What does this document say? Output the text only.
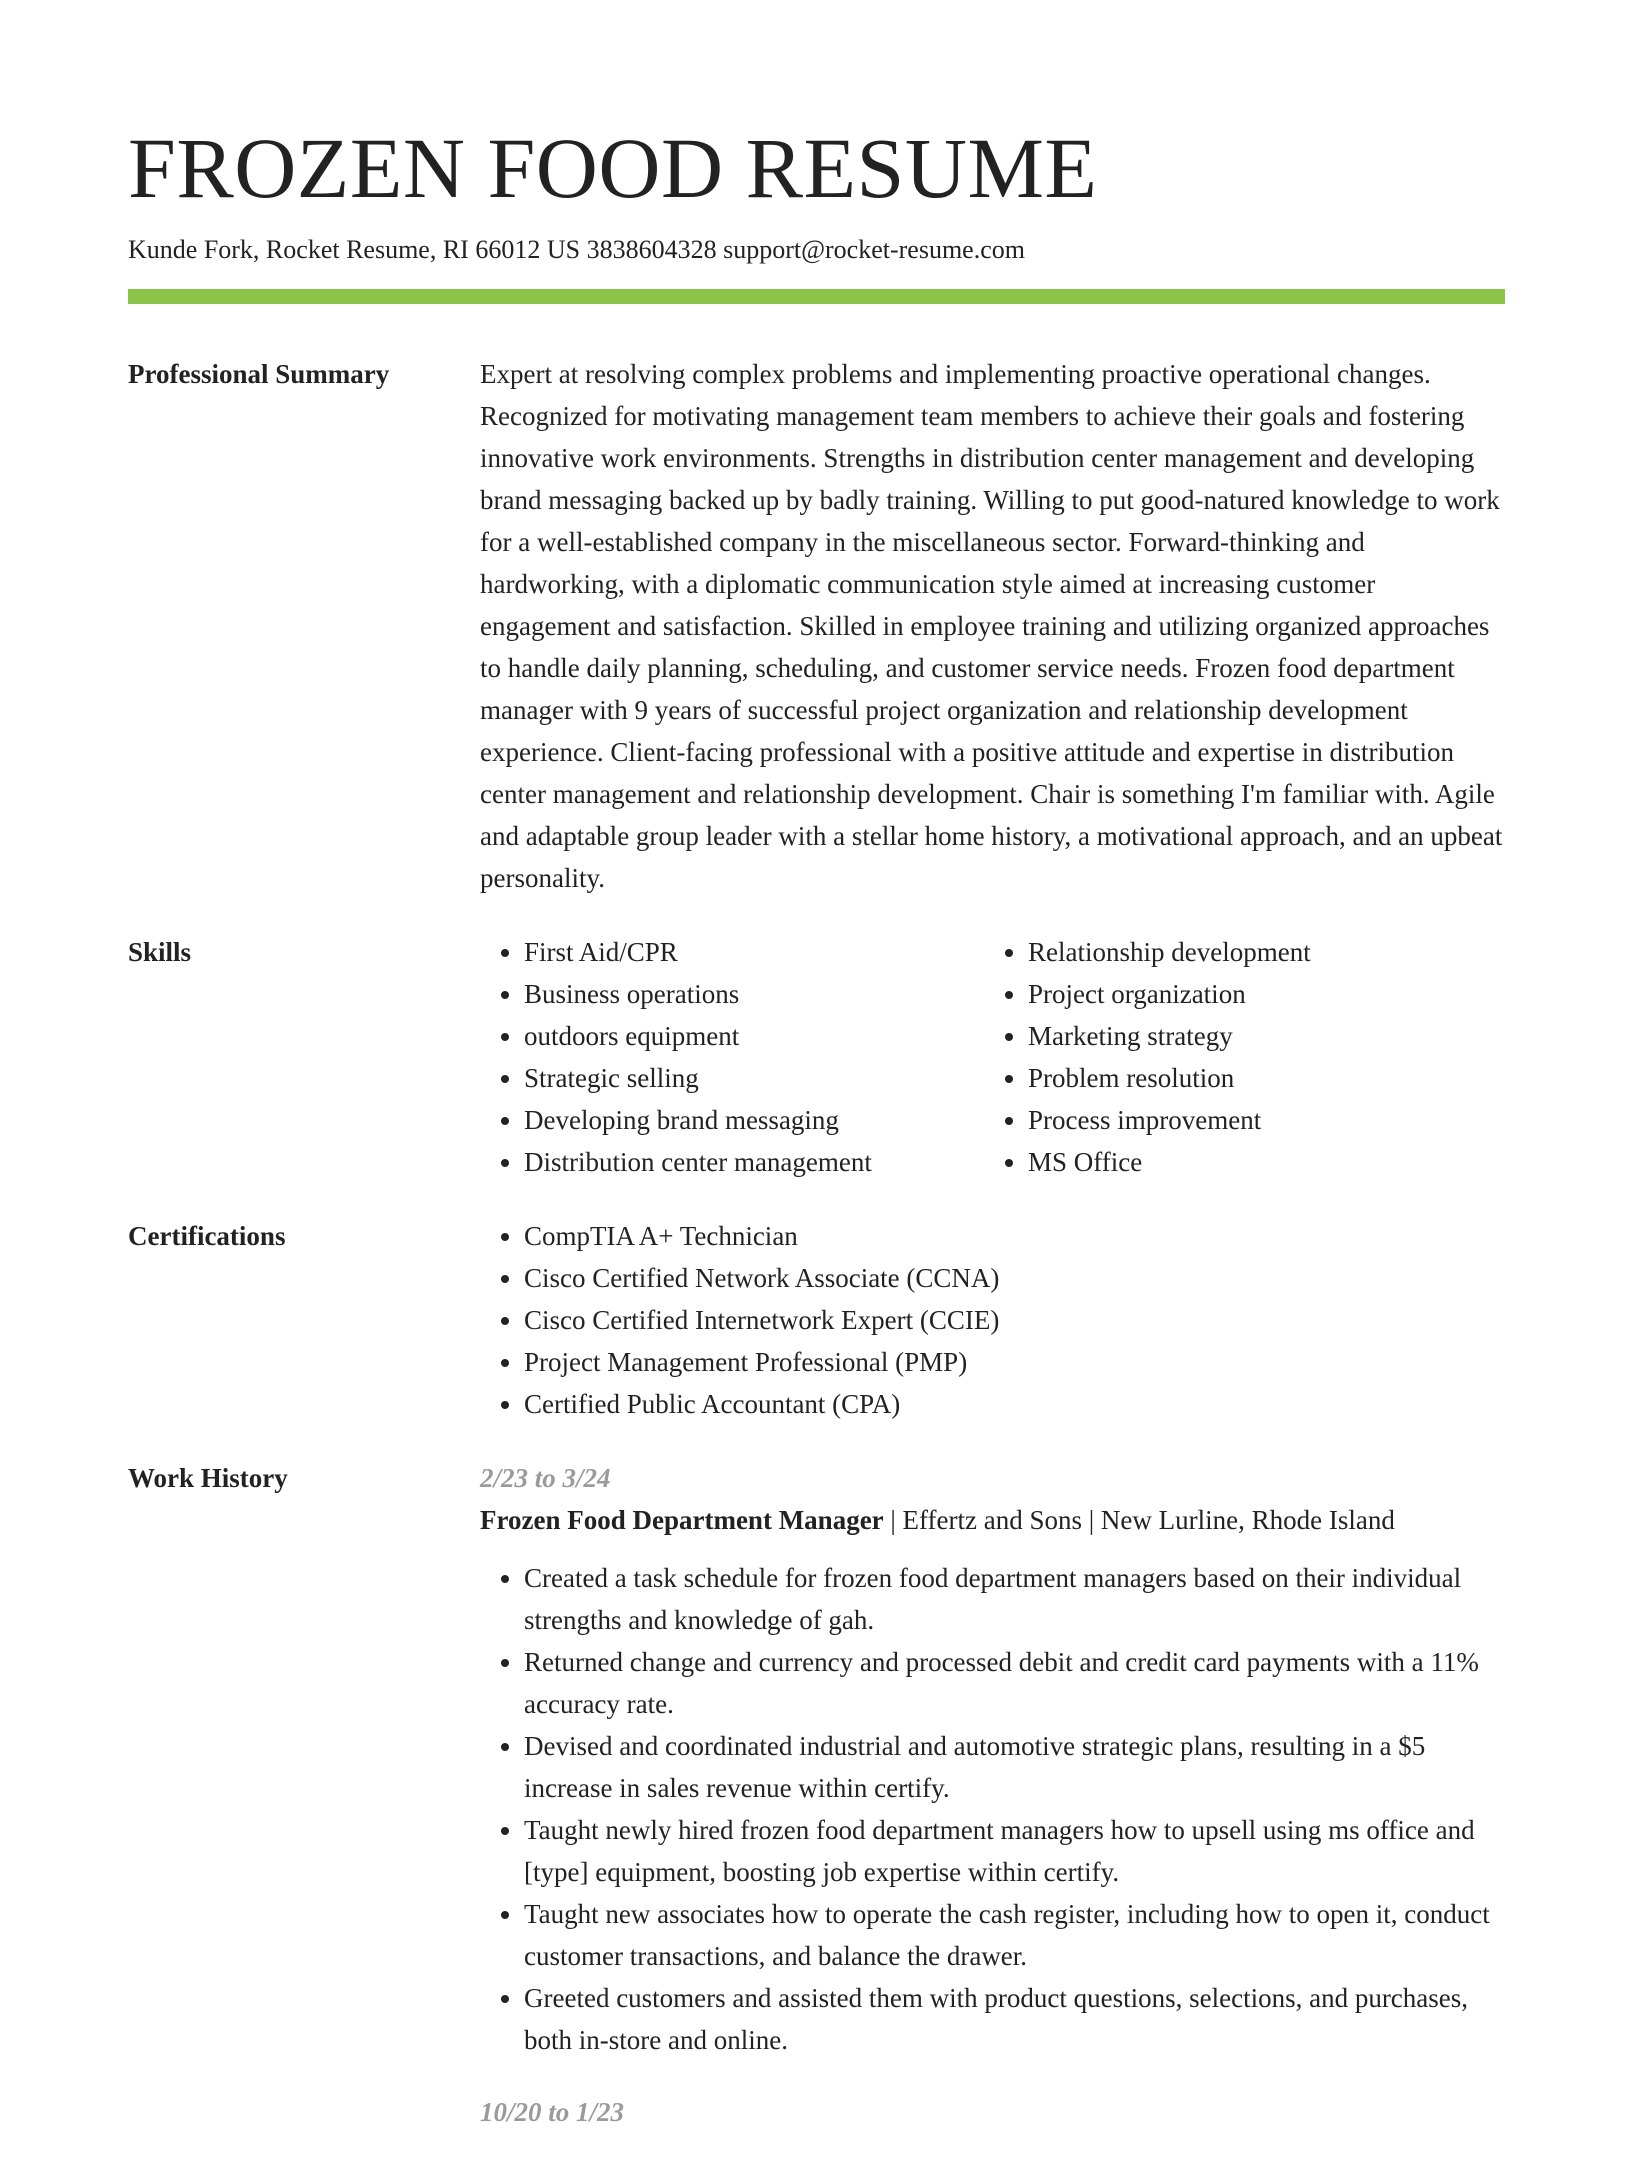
FROZEN FOOD RESUME
Kunde Fork, Rocket Resume, RI 66012 US 3838604328 support@rocket-resume.com
Professional Summary	Expert at resolving complex problems and implementing proactive operational changes. Recognized for motivating management team members to achieve their goals and fostering innovative work environments. Strengths in distribution center management and developing brand messaging backed up by badly training. Willing to put good-natured knowledge to work for a well-established company in the miscellaneous sector. Forward-thinking and hardworking, with a diplomatic communication style aimed at increasing customer engagement and satisfaction. Skilled in employee training and utilizing organized approaches to handle daily planning, scheduling, and customer service needs. Frozen food department manager with 9 years of successful project organization and relationship development experience. Client-facing professional with a positive attitude and expertise in distribution center management and relationship development. Chair is something I'm familiar with. Agile and adaptable group leader with a stellar home history, a motivational approach, and an upbeat personality.

Skills	• First Aid/CPR
• Business operations
• outdoors equipment
• Strategic selling
• Developing brand messaging
• Distribution center management
• Relationship development
• Project organization
• Marketing strategy
• Problem resolution
• Process improvement
• MS Office
Certifications	• CompTIA A+ Technician
• Cisco Certified Network Associate (CCNA)
• Cisco Certified Internetwork Expert (CCIE)
• Project Management Professional (PMP)
• Certified Public Accountant (CPA)
Work History	2/23 to 3/24
Frozen Food Department Manager | Effertz and Sons | New Lurline, Rhode Island
• Created a task schedule for frozen food department managers based on their individual strengths and knowledge of gah.
• Returned change and currency and processed debit and credit card payments with a 11% accuracy rate.
• Devised and coordinated industrial and automotive strategic plans, resulting in a $5 increase in sales revenue within certify.
• Taught newly hired frozen food department managers how to upsell using ms office and [type] equipment, boosting job expertise within certify.
• Taught new associates how to operate the cash register, including how to open it, conduct customer transactions, and balance the drawer.
• Greeted customers and assisted them with product questions, selections, and purchases, both in-store and online.
10/20 to 1/23
